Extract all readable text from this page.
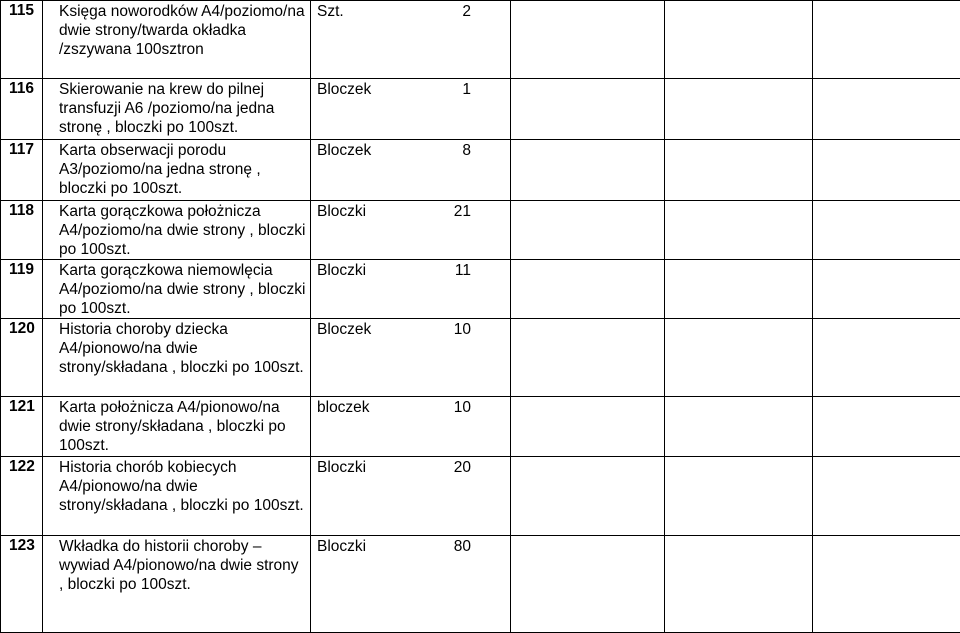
115	Księga noworodków A4/poziomo/na dwie strony/twarda okładka /zszywana 100sztron	Szt. 2			

116	Skierowanie na krew do pilnej transfuzji A6 /poziomo/na jedna stronę , bloczki po 100szt.	Bloczek 1			

117	Karta obserwacji porodu A3/poziomo/na jedna stronę , bloczki po 100szt.	Bloczek 8			

118	Karta gorączkowa położnicza A4/poziomo/na dwie strony , bloczki po 100szt.	Bloczki 21			

119	Karta gorączkowa niemowlęcia A4/poziomo/na dwie strony , bloczki po 100szt.	Bloczki 11			

120	Historia choroby dziecka A4/pionowo/na dwie strony/składana , bloczki po 100szt.	Bloczek 10			

121	Karta położnicza A4/pionowo/na dwie strony/składana , bloczki po 100szt.	bloczek 10			

122	Historia chorób kobiecych A4/pionowo/na dwie strony/składana , bloczki po 100szt.	Bloczki 20			

123	Wkładka do historii choroby – wywiad A4/pionowo/na dwie strony , bloczki po 100szt.	Bloczki 80			
